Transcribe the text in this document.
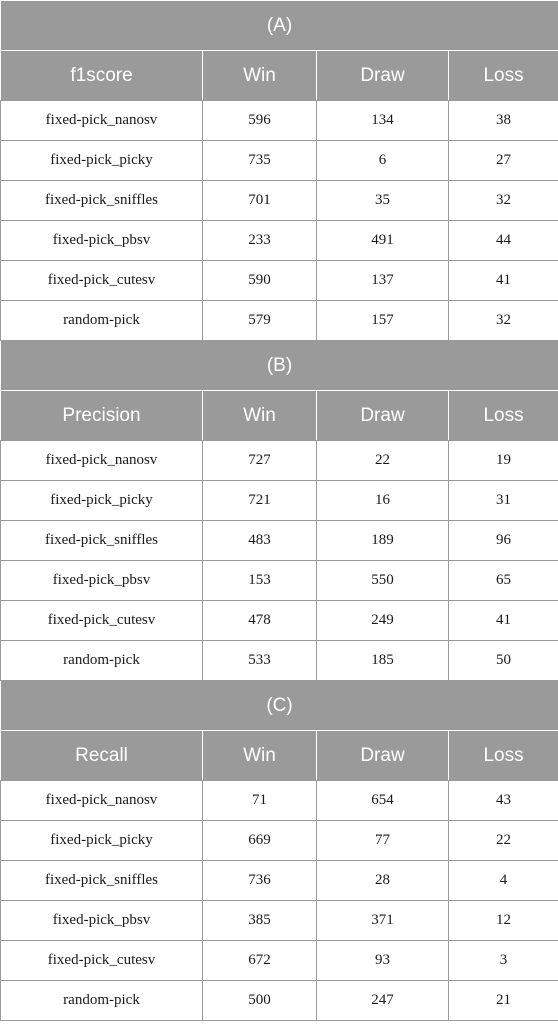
(A)			
f1score	Win	Draw	Loss
fixed-pick_nanosv	596	134	38
fixed-pick_picky	735	6	27
fixed-pick_sniffles	701	35	32
fixed-pick_pbsv	233	491	44
fixed-pick_cutesv	590	137	41
random-pick	579	157	32
(B)			
Precision	Win	Draw	Loss
fixed-pick_nanosv	727	22	19
fixed-pick_picky	721	16	31
fixed-pick_sniffles	483	189	96
fixed-pick_pbsv	153	550	65
fixed-pick_cutesv	478	249	41
random-pick	533	185	50
(C)			
Recall	Win	Draw	Loss
fixed-pick_nanosv	71	654	43
fixed-pick_picky	669	77	22
fixed-pick_sniffles	736	28	4
fixed-pick_pbsv	385	371	12
fixed-pick_cutesv	672	93	3
random-pick	500	247	21
